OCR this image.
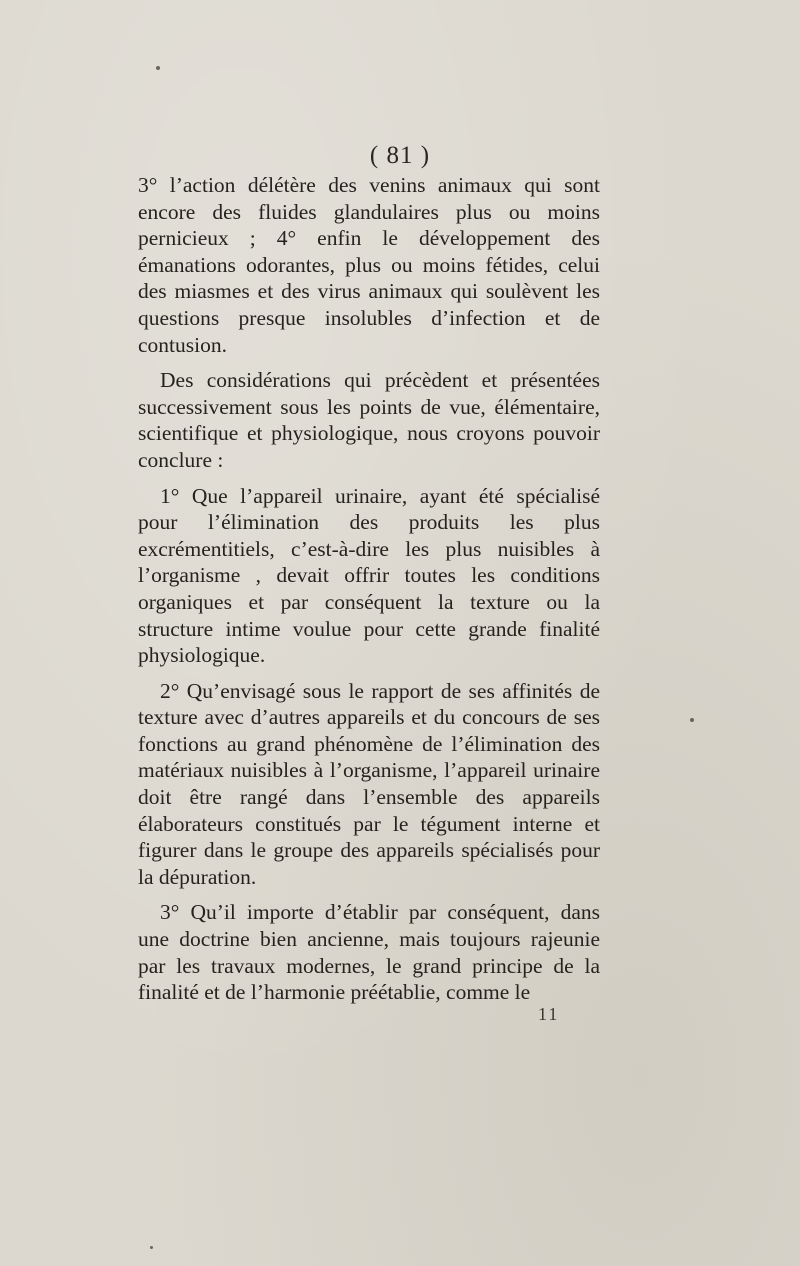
( 81 )

3° l’action délétère des venins animaux qui sont encore des fluides glandulaires plus ou moins pernicieux ; 4° enfin le développement des émanations odorantes, plus ou moins fétides, celui des miasmes et des virus animaux qui soulèvent les questions presque insolubles d’infection et de contusion.

Des considérations qui précèdent et présentées successivement sous les points de vue, élémentaire, scientifique et physiologique, nous croyons pouvoir conclure :

1° Que l’appareil urinaire, ayant été spécialisé pour l’élimination des produits les plus excrémentitiels, c’est-à-dire les plus nuisibles à l’organisme , devait offrir toutes les conditions organiques et par conséquent la texture ou la structure intime voulue pour cette grande finalité physiologique.

2° Qu’envisagé sous le rapport de ses affinités de texture avec d’autres appareils et du concours de ses fonctions au grand phénomène de l’élimination des matériaux nuisibles à l’organisme, l’appareil urinaire doit être rangé dans l’ensemble des appareils élaborateurs constitués par le tégument interne et figurer dans le groupe des appareils spécialisés pour la dépuration.

3° Qu’il importe d’établir par conséquent, dans une doctrine bien ancienne, mais toujours rajeunie par les travaux modernes, le grand principe de la finalité et de l’harmonie préétablie, comme le

11
